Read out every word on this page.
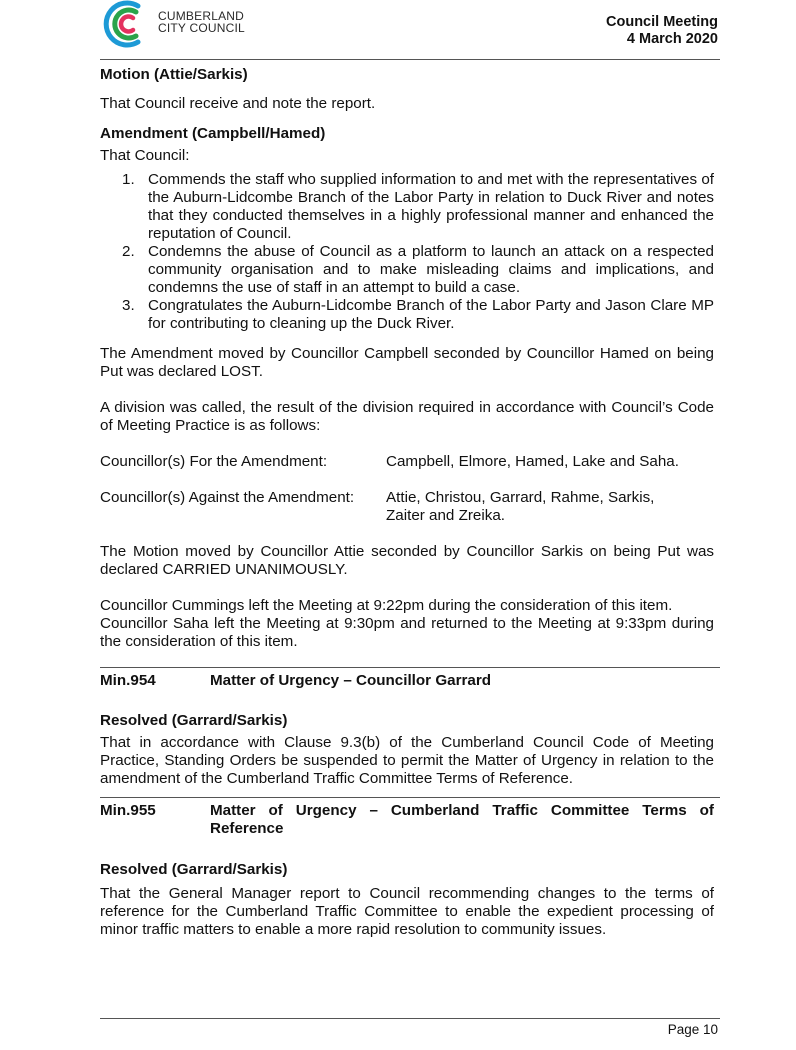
CUMBERLAND
CITY COUNCIL	Council Meeting
4 March 2020

Motion (Attie/Sarkis)

That Council receive and note the report.

Amendment (Campbell/Hamed)

That Council:

1. Commends the staff who supplied information to and met with the representatives of the Auburn-Lidcombe Branch of the Labor Party in relation to Duck River and notes that they conducted themselves in a highly professional manner and enhanced the reputation of Council.
2. Condemns the abuse of Council as a platform to launch an attack on a respected community organisation and to make misleading claims and implications, and condemns the use of staff in an attempt to build a case.
3. Congratulates the Auburn-Lidcombe Branch of the Labor Party and Jason Clare MP for contributing to cleaning up the Duck River.

The Amendment moved by Councillor Campbell seconded by Councillor Hamed on being Put was declared LOST.

A division was called, the result of the division required in accordance with Council’s Code of Meeting Practice is as follows:

Councillor(s) For the Amendment:	Campbell, Elmore, Hamed, Lake and Saha.
Councillor(s) Against the Amendment:	Attie, Christou, Garrard, Rahme, Sarkis,
Zaiter and Zreika.

The Motion moved by Councillor Attie seconded by Councillor Sarkis on being Put was declared CARRIED UNANIMOUSLY.

Councillor Cummings left the Meeting at 9:22pm during the consideration of this item.

Councillor Saha left the Meeting at 9:30pm and returned to the Meeting at 9:33pm during the consideration of this item.

Min.954	Matter of Urgency – Councillor Garrard

Resolved (Garrard/Sarkis)

That in accordance with Clause 9.3(b) of the Cumberland Council Code of Meeting Practice, Standing Orders be suspended to permit the Matter of Urgency in relation to the amendment of the Cumberland Traffic Committee Terms of Reference.

Min.955	Matter of Urgency – Cumberland Traffic Committee Terms of Reference

Resolved (Garrard/Sarkis)

That the General Manager report to Council recommending changes to the terms of reference for the Cumberland Traffic Committee to enable the expedient processing of minor traffic matters to enable a more rapid resolution to community issues.

Page 10
